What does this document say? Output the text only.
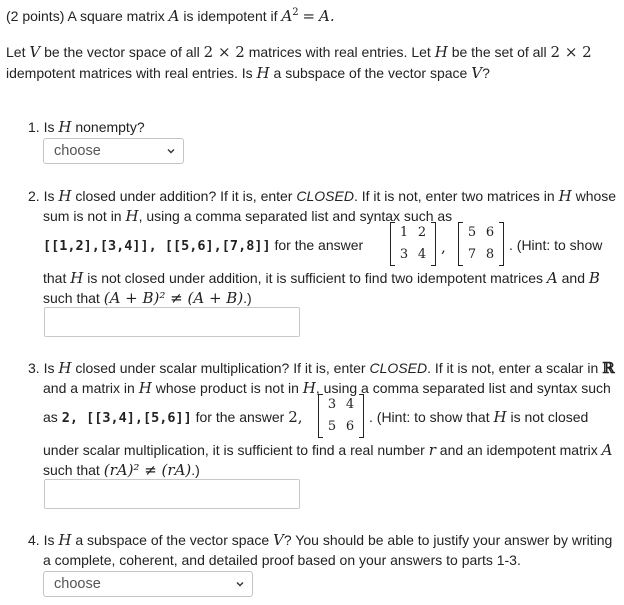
(2 points) A square matrix A is idempotent if $A^2 = A$.
Let V be the vector space of all 2 × 2 matrices with real entries. Let H be the set of all 2 × 2
idempotent matrices with real entries. Is H a subspace of the vector space V?
1. Is H nonempty?
choose
2. Is H closed under addition? If it is, enter CLOSED. If it is not, enter two matrices in H whose
sum is not in H, using a comma separated list and syntax such as
[[1,2],[3,4]], [[5,6],[7,8]] for the answer
1 2
3 4 ,
5 6
7 8
. (Hint: to show
that H is not closed under addition, it is sufficient to find two idempotent matrices A and B
such that (A + B)² ≠ (A + B).)
3. Is H closed under scalar multiplication? If it is, enter CLOSED. If it is not, enter a scalar in ℝ
and a matrix in H whose product is not in H, using a comma separated list and syntax such
as 2, [[3,4],[5,6]] for the answer 2,
3 4
5 6
. (Hint: to show that H is not closed
under scalar multiplication, it is sufficient to find a real number r and an idempotent matrix A
such that (rA)² ≠ (rA).)
4. Is H a subspace of the vector space V? You should be able to justify your answer by writing
a complete, coherent, and detailed proof based on your answers to parts 1-3.
choose
